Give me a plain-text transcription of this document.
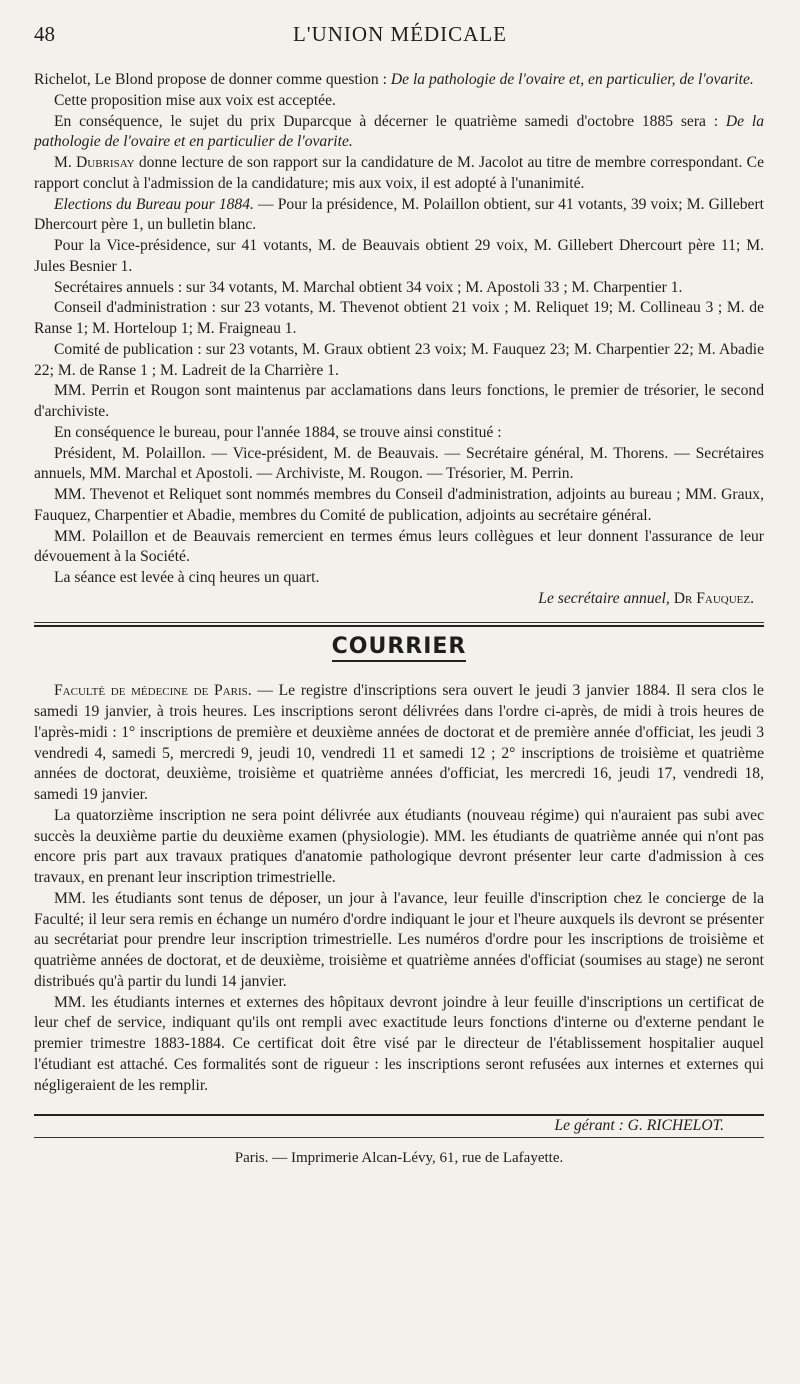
48	L'UNION MÉDICALE

Richelot, Le Blond propose de donner comme question : De la pathologie de l'ovaire et, en particulier, de l'ovarite.

Cette proposition mise aux voix est acceptée.

En conséquence, le sujet du prix Duparcque à décerner le quatrième samedi d'octobre 1885 sera : De la pathologie de l'ovaire et en particulier de l'ovarite.

M. Dubrisay donne lecture de son rapport sur la candidature de M. Jacolot au titre de membre correspondant. Ce rapport conclut à l'admission de la candidature; mis aux voix, il est adopté à l'unanimité.

Elections du Bureau pour 1884. — Pour la présidence, M. Polaillon obtient, sur 41 votants, 39 voix; M. Gillebert Dhercourt père 1, un bulletin blanc.

Pour la Vice-présidence, sur 41 votants, M. de Beauvais obtient 29 voix, M. Gillebert Dhercourt père 11; M. Jules Besnier 1.

Secrétaires annuels : sur 34 votants, M. Marchal obtient 34 voix ; M. Apostoli 33 ; M. Charpentier 1.

Conseil d'administration : sur 23 votants, M. Thevenot obtient 21 voix ; M. Reliquet 19; M. Collineau 3 ; M. de Ranse 1; M. Horteloup 1; M. Fraigneau 1.

Comité de publication : sur 23 votants, M. Graux obtient 23 voix; M. Fauquez 23; M. Charpentier 22; M. Abadie 22; M. de Ranse 1 ; M. Ladreit de la Charrière 1.

MM. Perrin et Rougon sont maintenus par acclamations dans leurs fonctions, le premier de trésorier, le second d'archiviste.

En conséquence le bureau, pour l'année 1884, se trouve ainsi constitué :

Président, M. Polaillon. — Vice-président, M. de Beauvais. — Secrétaire général, M. Thorens. — Secrétaires annuels, MM. Marchal et Apostoli. — Archiviste, M. Rougon. — Trésorier, M. Perrin.

MM. Thevenot et Reliquet sont nommés membres du Conseil d'administration, adjoints au bureau ; MM. Graux, Fauquez, Charpentier et Abadie, membres du Comité de publication, adjoints au secrétaire général.

MM. Polaillon et de Beauvais remercient en termes émus leurs collègues et leur donnent l'assurance de leur dévouement à la Société.

La séance est levée à cinq heures un quart.

Le secrétaire annuel, Dr Fauquez.

COURRIER

Faculté de médecine de Paris. — Le registre d'inscriptions sera ouvert le jeudi 3 janvier 1884. Il sera clos le samedi 19 janvier, à trois heures. Les inscriptions seront délivrées dans l'ordre ci-après, de midi à trois heures de l'après-midi : 1° inscriptions de première et deuxième années de doctorat et de première année d'officiat, les jeudi 3 vendredi 4, samedi 5, mercredi 9, jeudi 10, vendredi 11 et samedi 12 ; 2° inscriptions de troisième et quatrième années de doctorat, deuxième, troisième et quatrième années d'officiat, les mercredi 16, jeudi 17, vendredi 18, samedi 19 janvier.

La quatorzième inscription ne sera point délivrée aux étudiants (nouveau régime) qui n'auraient pas subi avec succès la deuxième partie du deuxième examen (physiologie). MM. les étudiants de quatrième année qui n'ont pas encore pris part aux travaux pratiques d'anatomie pathologique devront présenter leur carte d'admission à ces travaux, en prenant leur inscription trimestrielle.

MM. les étudiants sont tenus de déposer, un jour à l'avance, leur feuille d'inscription chez le concierge de la Faculté; il leur sera remis en échange un numéro d'ordre indiquant le jour et l'heure auxquels ils devront se présenter au secrétariat pour prendre leur inscription trimestrielle. Les numéros d'ordre pour les inscriptions de troisième et quatrième années de doctorat, et de deuxième, troisième et quatrième années d'officiat (soumises au stage) ne seront distribués qu'à partir du lundi 14 janvier.

MM. les étudiants internes et externes des hôpitaux devront joindre à leur feuille d'inscriptions un certificat de leur chef de service, indiquant qu'ils ont rempli avec exactitude leurs fonctions d'interne ou d'externe pendant le premier trimestre 1883-1884. Ce certificat doit être visé par le directeur de l'établissement hospitalier auquel l'étudiant est attaché. Ces formalités sont de rigueur : les inscriptions seront refusées aux internes et externes qui négligeraient de les remplir.

Le gérant : G. RICHELOT.

Paris. — Imprimerie Alcan-Lévy, 61, rue de Lafayette.
